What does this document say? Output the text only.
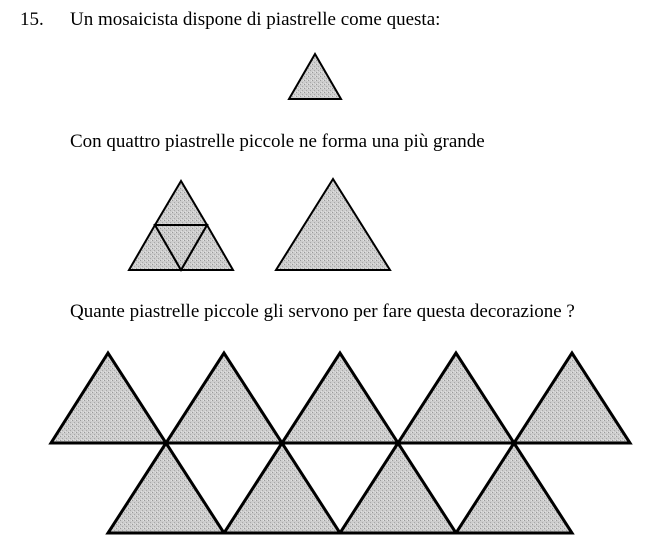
15. Un mosaicista dispone di piastrelle come questa:
Con quattro piastrelle piccole ne forma una più grande
Quante piastrelle piccole gli servono per fare questa decorazione ?
